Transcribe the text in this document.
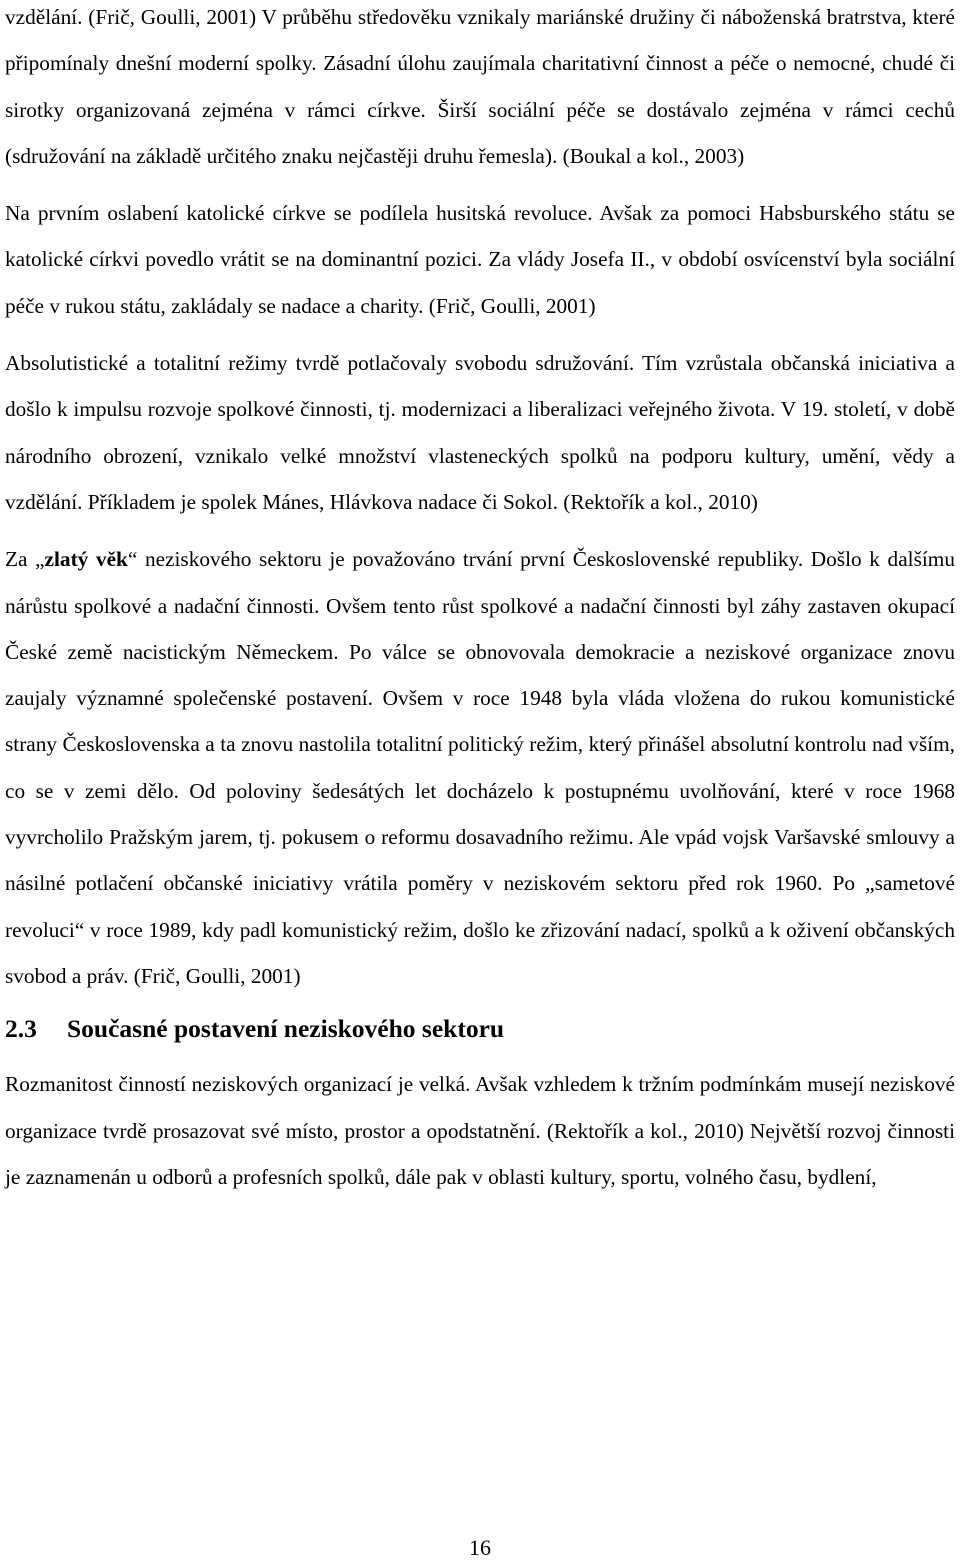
vzdělání. (Frič, Goulli, 2001) V průběhu středověku vznikaly mariánské družiny či náboženská bratrstva, které připomínaly dnešní moderní spolky. Zásadní úlohu zaujímala charitativní činnost a péče o nemocné, chudé či sirotky organizovaná zejména v rámci církve. Širší sociální péče se dostávalo zejména v rámci cechů (sdružování na základě určitého znaku nejčastěji druhu řemesla). (Boukal a kol., 2003)

Na prvním oslabení katolické církve se podílela husitská revoluce. Avšak za pomoci Habsburského státu se katolické církvi povedlo vrátit se na dominantní pozici. Za vlády Josefa II., v období osvícenství byla sociální péče v rukou státu, zakládaly se nadace a charity. (Frič, Goulli, 2001)

Absolutistické a totalitní režimy tvrdě potlačovaly svobodu sdružování. Tím vzrůstala občanská iniciativa a došlo k impulsu rozvoje spolkové činnosti, tj. modernizaci a liberalizaci veřejného života. V 19. století, v době národního obrození, vznikalo velké množství vlasteneckých spolků na podporu kultury, umění, vědy a vzdělání. Příkladem je spolek Mánes, Hlávkova nadace či Sokol. (Rektořík a kol., 2010)

Za „zlatý věk“ neziskového sektoru je považováno trvání první Československé republiky. Došlo k dalšímu nárůstu spolkové a nadační činnosti. Ovšem tento růst spolkové a nadační činnosti byl záhy zastaven okupací České země nacistickým Německem. Po válce se obnovovala demokracie a neziskové organizace znovu zaujaly významné společenské postavení. Ovšem v roce 1948 byla vláda vložena do rukou komunistické strany Československa a ta znovu nastolila totalitní politický režim, který přinášel absolutní kontrolu nad vším, co se v zemi dělo. Od poloviny šedesátých let docházelo k postupnému uvolňování, které v roce 1968 vyvrcholilo Pražským jarem, tj. pokusem o reformu dosavadního režimu. Ale vpád vojsk Varšavské smlouvy a násilné potlačení občanské iniciativy vrátila poměry v neziskovém sektoru před rok 1960. Po „sametové revoluci“ v roce 1989, kdy padl komunistický režim, došlo ke zřizování nadací, spolků a k oživení občanských svobod a práv. (Frič, Goulli, 2001)

2.3 Současné postavení neziskového sektoru

Rozmanitost činností neziskových organizací je velká. Avšak vzhledem k tržním podmínkám musejí neziskové organizace tvrdě prosazovat své místo, prostor a opodstatnění. (Rektořík a kol., 2010) Největší rozvoj činnosti je zaznamenán u odborů a profesních spolků, dále pak v oblasti kultury, sportu, volného času, bydlení,

16
